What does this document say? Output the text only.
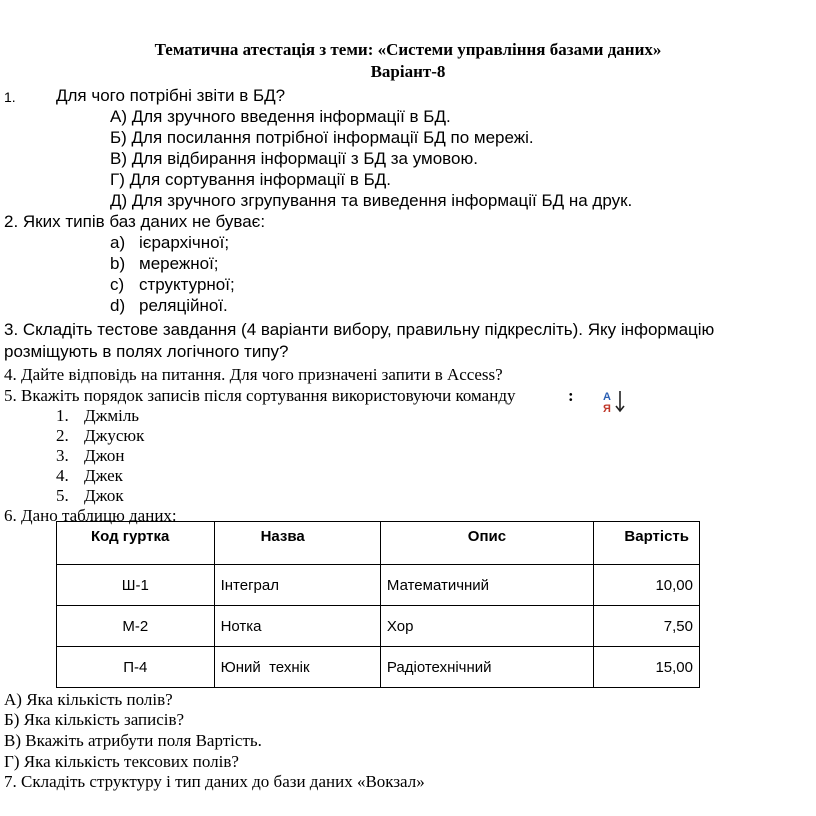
Тематична атестація з теми: «Системи управління базами даних»
Варіант-8
1. Для чого потрібні звіти в БД?
А) Для зручного введення інформації в БД.
Б) Для посилання потрібної інформації БД по мережі.
В) Для відбирання інформації з БД за умовою.
Г) Для сортування інформації в БД.
Д) Для зручного згрупування та виведення інформації БД на друк.
2. Яких типів баз даних не буває:
a) ієрархічної;
b) мережної;
c) структурної;
d) реляційної.
3. Складіть тестове завдання (4 варіанти вибору, правильну підкресліть). Яку інформацію
розміщують в полях логічного типу?
4. Дайте відповідь на питання. Для чого призначені запити в Access?
5. Вкажіть порядок записів після сортування використовуючи команду	:	А
Я
1. Джміль
2. Джусюк
3. Джон
4. Джек
5. Джок
6. Дано таблицю даних:
Код гуртка	Назва	Опис	Вартість
Ш-1	Інтеграл	Математичний	10,00
М-2	Нотка	Хор	7,50
П-4	Юний  технік	Радіотехнічний	15,00
А) Яка кількість полів?
Б) Яка кількість записів?
В) Вкажіть атрибути поля Вартість.
Г) Яка кількість тексових полів?
7. Складіть структуру і тип даних до бази даних «Вокзал»
